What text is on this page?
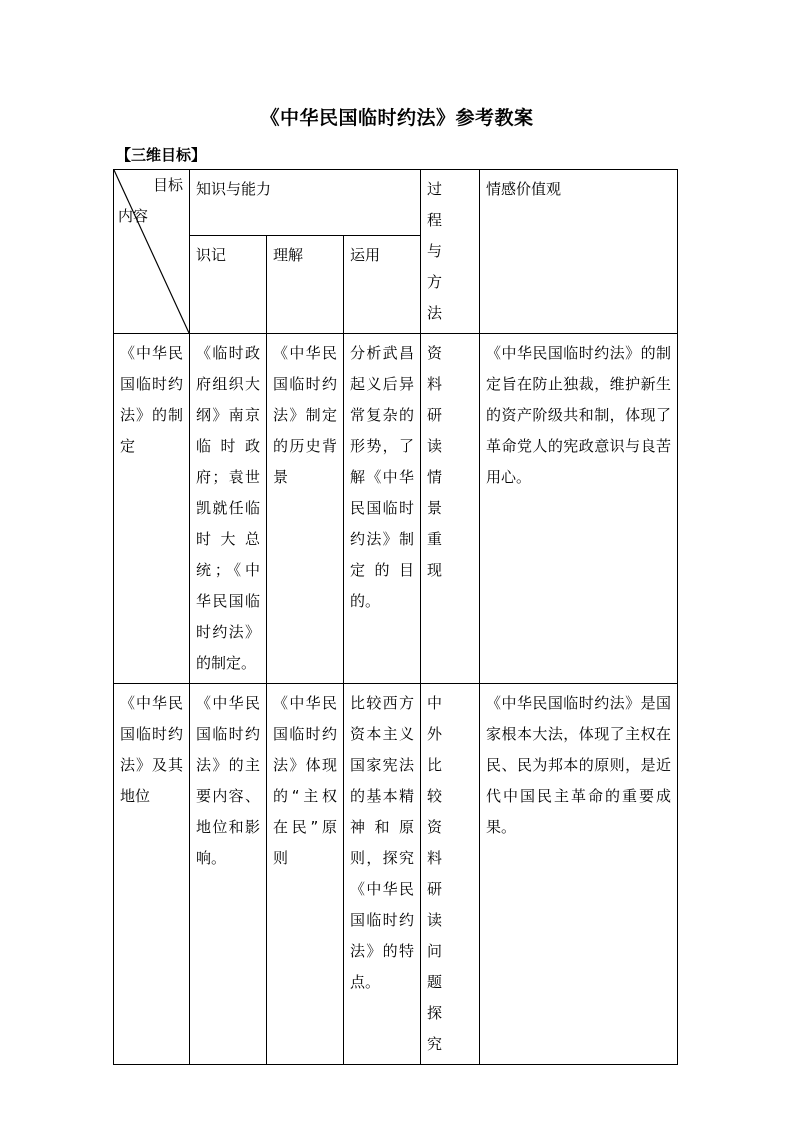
《中华民国临时约法》参考教案
【三维目标】
目标
内容	知识与能力			过 程 与 方 法	情感价值观
	识记	理解	运用		
《中华民国临时约法》的制定	《临时政府组织大纲》南京临时政府；袁世凯就任临时大总统；《中华民国临时约法》的制定。	《中华民国临时约法》制定的历史背景	分析武昌起义后异常复杂的形势，了解《中华民国临时约法》制定的目的。	资料研读情景重现	《中华民国临时约法》的制定旨在防止独裁，维护新生的资产阶级共和制，体现了革命党人的宪政意识与良苦用心。
《中华民国临时约法》及其地位	《中华民国临时约法》的主要内容、地位和影响。	《中华民国临时约法》体现的“主权在民”原则	比较西方资本主义国家宪法的基本精神和原则，探究《中华民国临时约法》的特点。	中外比较资料研读问题探究	《中华民国临时约法》是国家根本大法，体现了主权在民、民为邦本的原则，是近代中国民主革命的重要成果。
